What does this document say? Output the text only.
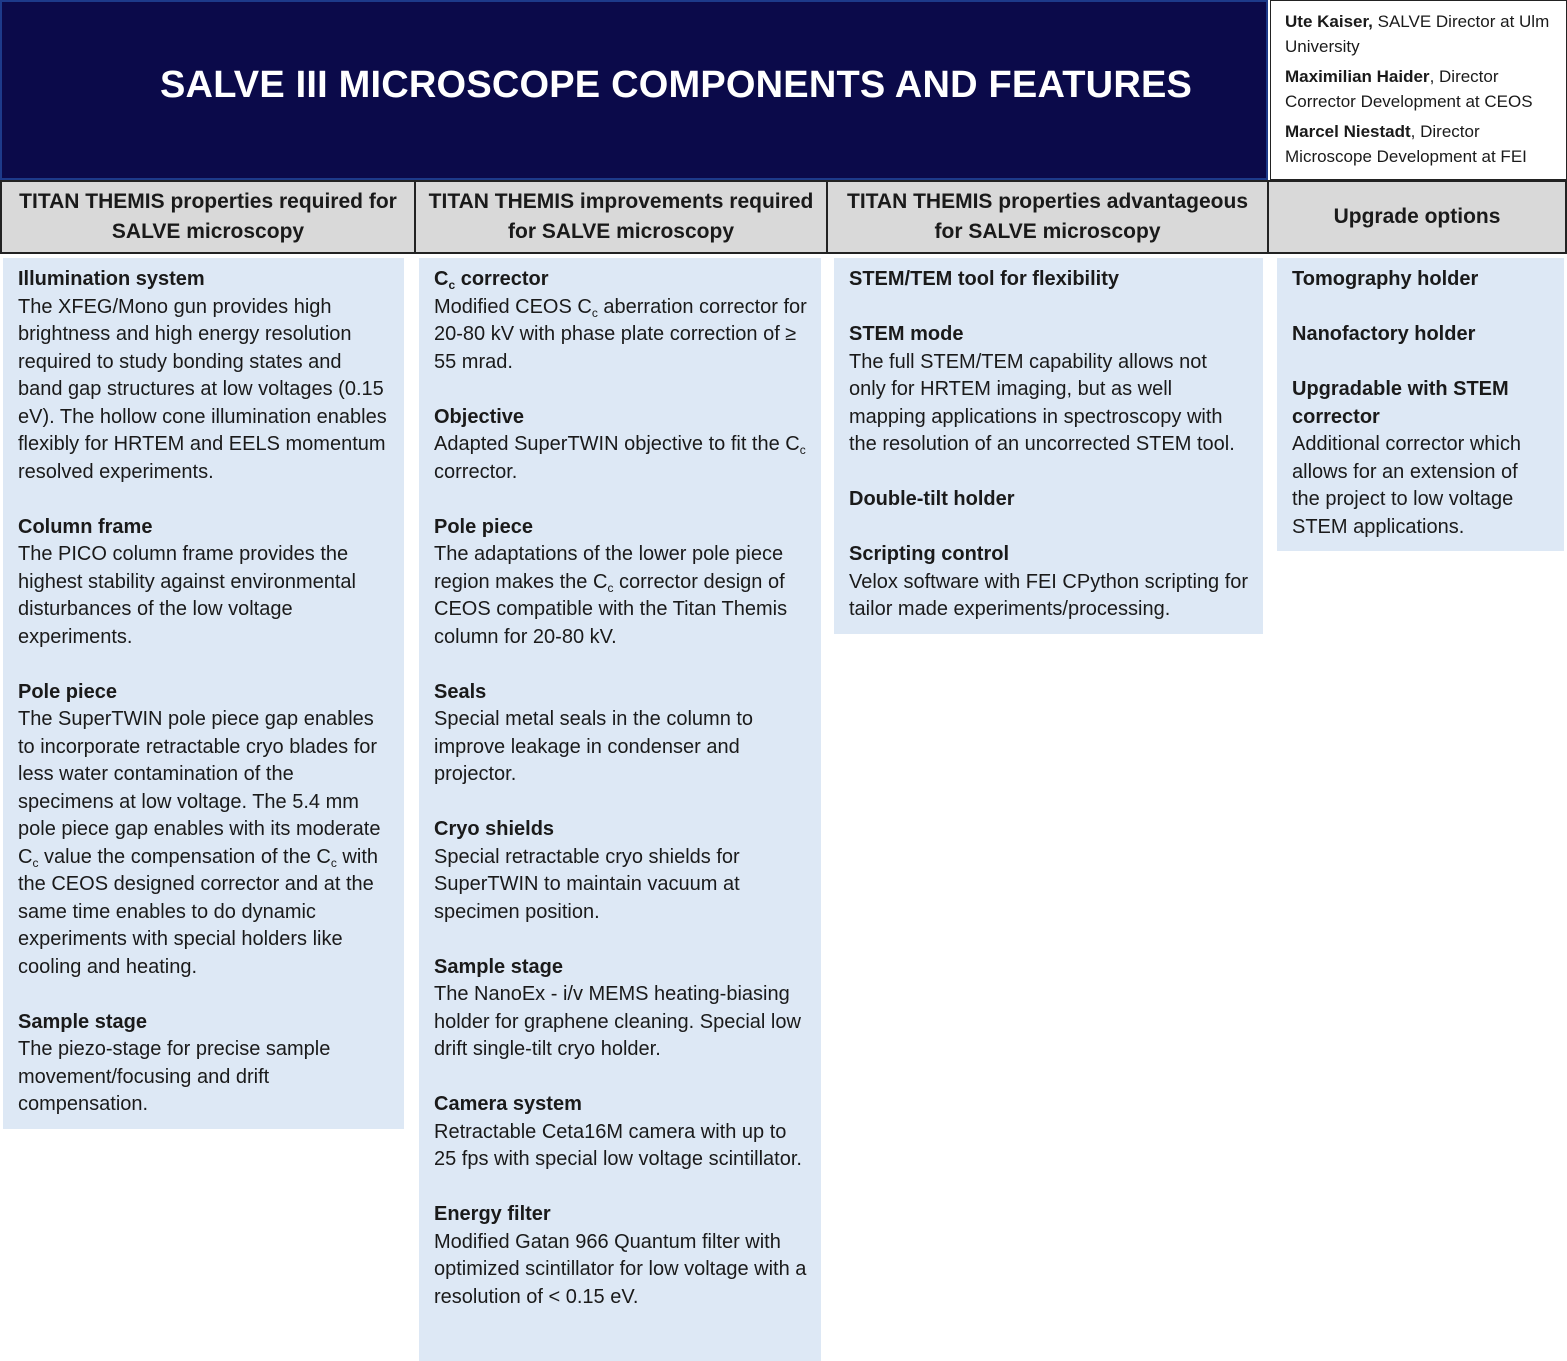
SALVE III MICROSCOPE COMPONENTS AND FEATURES
Ute Kaiser, SALVE Director at Ulm University
Maximilian Haider, Director Corrector Development at CEOS
Marcel Niestadt, Director Microscope Development at FEI
TITAN THEMIS properties required for SALVE microscopy
TITAN THEMIS improvements required for SALVE microscopy
TITAN THEMIS properties advantageous for SALVE microscopy
Upgrade options
Illumination system
The XFEG/Mono gun provides high brightness and high energy resolution required to study bonding states and band gap structures at low voltages (0.15 eV). The hollow cone illumination enables flexibly for HRTEM and EELS momentum resolved experiments.
Column frame
The PICO column frame provides the highest stability against environmental disturbances of the low voltage experiments.
Pole piece
The SuperTWIN pole piece gap enables to incorporate retractable cryo blades for less water contamination of the specimens at low voltage. The 5.4 mm pole piece gap enables with its moderate $C_c$ value the compensation of the $C_c$ with the CEOS designed corrector and at the same time enables to do dynamic experiments with special holders like cooling and heating.
Sample stage
The piezo-stage for precise sample movement/focusing and drift compensation.
$C_c$ corrector
Modified CEOS $C_c$ aberration corrector for 20-80 kV with phase plate correction of ≥ 55 mrad.
Objective
Adapted SuperTWIN objective to fit the $C_c$ corrector.
Pole piece
The adaptations of the lower pole piece region makes the $C_c$ corrector design of CEOS compatible with the Titan Themis column for 20-80 kV.
Seals
Special metal seals in the column to improve leakage in condenser and projector.
Cryo shields
Special retractable cryo shields for SuperTWIN to maintain vacuum at specimen position.
Sample stage
The NanoEx - i/v MEMS heating-biasing holder for graphene cleaning. Special low drift single-tilt cryo holder.
Camera system
Retractable Ceta16M camera with up to 25 fps with special low voltage scintillator.
Energy filter
Modified Gatan 966 Quantum filter with optimized scintillator for low voltage with a resolution of < 0.15 eV.
STEM/TEM tool for flexibility
STEM mode
The full STEM/TEM capability allows not only for HRTEM imaging, but as well mapping applications in spectroscopy with the resolution of an uncorrected STEM tool.
Double-tilt holder
Scripting control
Velox software with FEI CPython scripting for tailor made experiments/processing.
Tomography holder
Nanofactory holder
Upgradable with STEM corrector
Additional corrector which allows for an extension of the project to low voltage STEM applications.
